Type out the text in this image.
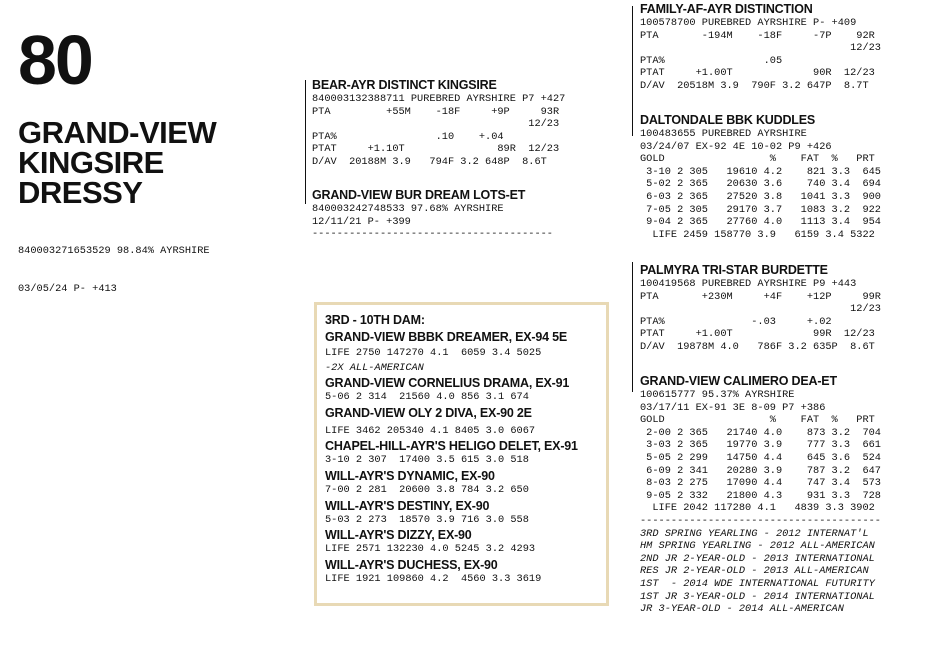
80
GRAND-VIEW
KINGSIRE
DRESSY

840003271653529 98.84% AYRSHIRE

03/05/24 P- +413

BEAR-AYR DISTINCT KINGSIRE
840003132388711 PUREBRED AYRSHIRE P7 +427
PTA         +55M    -18F     +9P     93R
12/23
PTA%                .10    +.04
PTAT     +1.10T               89R  12/23
D/AV  20188M 3.9   794F 3.2 648P  8.6T
GRAND-VIEW BUR DREAM LOTS-ET
840003242748533 97.68% AYRSHIRE
12/11/21 P- +399
---------------------------------------
3RD - 10TH DAM:
GRAND-VIEW BBBK DREAMER, EX-94 5E
LIFE 2750 147270 4.1  6059 3.4 5025
-2X ALL-AMERICAN
GRAND-VIEW CORNELIUS DRAMA, EX-91
5-06 2 314  21560 4.0 856 3.1 674
GRAND-VIEW OLY 2 DIVA, EX-90 2E
LIFE 3462 205340 4.1 8405 3.0 6067
CHAPEL-HILL-AYR'S HELIGO DELET, EX-91
3-10 2 307  17400 3.5 615 3.0 518
WILL-AYR'S DYNAMIC, EX-90
7-00 2 281  20600 3.8 784 3.2 650
WILL-AYR'S DESTINY, EX-90
5-03 2 273  18570 3.9 716 3.0 558
WILL-AYR'S DIZZY, EX-90
LIFE 2571 132230 4.0 5245 3.2 4293
WILL-AYR'S DUCHESS, EX-90
LIFE 1921 109860 4.2  4560 3.3 3619
FAMILY-AF-AYR DISTINCTION
100578700 PUREBRED AYRSHIRE P- +409
PTA       -194M    -18F     -7P    92R
12/23
PTA%                .05
PTAT     +1.00T             90R  12/23
D/AV  20518M 3.9  790F 3.2 647P  8.7T
DALTONDALE BBK KUDDLES
100483655 PUREBRED AYRSHIRE
03/24/07 EX-92 4E 10-02 P9 +426
GOLD                 %    FAT  %   PRT
3-10 2 305   19610 4.2    821 3.3  645
5-02 2 365   20630 3.6    740 3.4  694
6-03 2 365   27520 3.8   1041 3.3  900
7-05 2 305   29170 3.7   1083 3.2  922
9-04 2 365   27760 4.0   1113 3.4  954
LIFE 2459 158770 3.9   6159 3.4 5322
PALMYRA TRI-STAR BURDETTE
100419568 PUREBRED AYRSHIRE P9 +443
PTA       +230M     +4F    +12P     99R
12/23
PTA%              -.03     +.02
PTAT     +1.00T             99R  12/23
D/AV  19878M 4.0   786F 3.2 635P  8.6T
GRAND-VIEW CALIMERO DEA-ET
100615777 95.37% AYRSHIRE
03/17/11 EX-91 3E 8-09 P7 +386
GOLD                 %    FAT  %   PRT
2-00 2 365   21740 4.0    873 3.2  704
3-03 2 365   19770 3.9    777 3.3  661
5-05 2 299   14750 4.4    645 3.6  524
6-09 2 341   20280 3.9    787 3.2  647
8-03 2 275   17090 4.4    747 3.4  573
9-05 2 332   21800 4.3    931 3.3  728
LIFE 2042 117280 4.1   4839 3.3 3902
---------------------------------------
3RD SPRING YEARLING - 2012 INTERNAT'L
HM SPRING YEARLING - 2012 ALL-AMERICAN
2ND JR 2-YEAR-OLD - 2013 INTERNATIONAL
RES JR 2-YEAR-OLD - 2013 ALL-AMERICAN
1ST  - 2014 WDE INTERNATIONAL FUTURITY
1ST JR 3-YEAR-OLD - 2014 INTERNATIONAL
JR 3-YEAR-OLD - 2014 ALL-AMERICAN
